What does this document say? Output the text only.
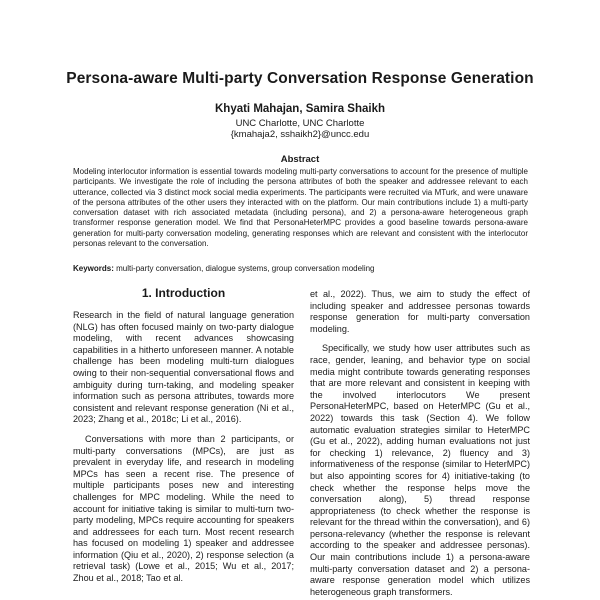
Persona-aware Multi-party Conversation Response Generation
Khyati Mahajan, Samira Shaikh
UNC Charlotte, UNC Charlotte
{kmahaja2, sshaikh2}@uncc.edu
Abstract
Modeling interlocutor information is essential towards modeling multi-party conversations to account for the presence of multiple participants. We investigate the role of including the persona attributes of both the speaker and addressee relevant to each utterance, collected via 3 distinct mock social media experiments. The participants were recruited via MTurk, and were unaware of the persona attributes of the other users they interacted with on the platform. Our main contributions include 1) a multi-party conversation dataset with rich associated metadata (including persona), and 2) a persona-aware heterogeneous graph transformer response generation model. We find that PersonaHeterMPC provides a good baseline towards persona-aware generation for multi-party conversation modeling, generating responses which are relevant and consistent with the interlocutor personas relevant to the conversation.
Keywords: multi-party conversation, dialogue systems, group conversation modeling
1. Introduction

Research in the field of natural language generation (NLG) has often focused mainly on two-party dialogue modeling, with recent advances showcasing capabilities in a hitherto unforeseen manner. A notable challenge has been modeling multi-turn dialogues owing to their non-sequential conversational flows and ambiguity during turn-taking, and modeling speaker information such as persona attributes, towards more consistent and relevant response generation (Ni et al., 2023; Zhang et al., 2018c; Li et al., 2016).

Conversations with more than 2 participants, or multi-party conversations (MPCs), are just as prevalent in everyday life, and research in modeling MPCs has seen a recent rise. The presence of multiple participants poses new and interesting challenges for MPC modeling. While the need to account for initiative taking is similar to multi-turn two-party modeling, MPCs require accounting for speakers and addressees for each turn. Most recent research has focused on modeling 1) speaker and addressee information (Qiu et al., 2020), 2) response selection (a retrieval task) (Lowe et al., 2015; Wu et al., 2017; Zhou et al., 2018; Tao et al.

et al., 2022). Thus, we aim to study the effect of including speaker and addressee personas towards response generation for multi-party conversation modeling.

Specifically, we study how user attributes such as race, gender, leaning, and behavior type on social media might contribute towards generating responses that are more relevant and consistent in keeping with the involved interlocutors We present PersonaHeterMPC, based on HeterMPC (Gu et al., 2022) towards this task (Section 4). We follow automatic evaluation strategies similar to HeterMPC (Gu et al., 2022), adding human evaluations not just for checking 1) relevance, 2) fluency and 3) informativeness of the response (similar to HeterMPC) but also appointing scores for 4) initiative-taking (to check whether the response helps move the conversation along), 5) thread response appropriateness (to check whether the response is relevant for the thread within the conversation), and 6) persona-relevancy (whether the response is relevant according to the speaker and addressee personas). Our main contributions include 1) a persona-aware multi-party conversation dataset and 2) a persona-aware response generation model which utilizes heterogeneous graph transformers.
